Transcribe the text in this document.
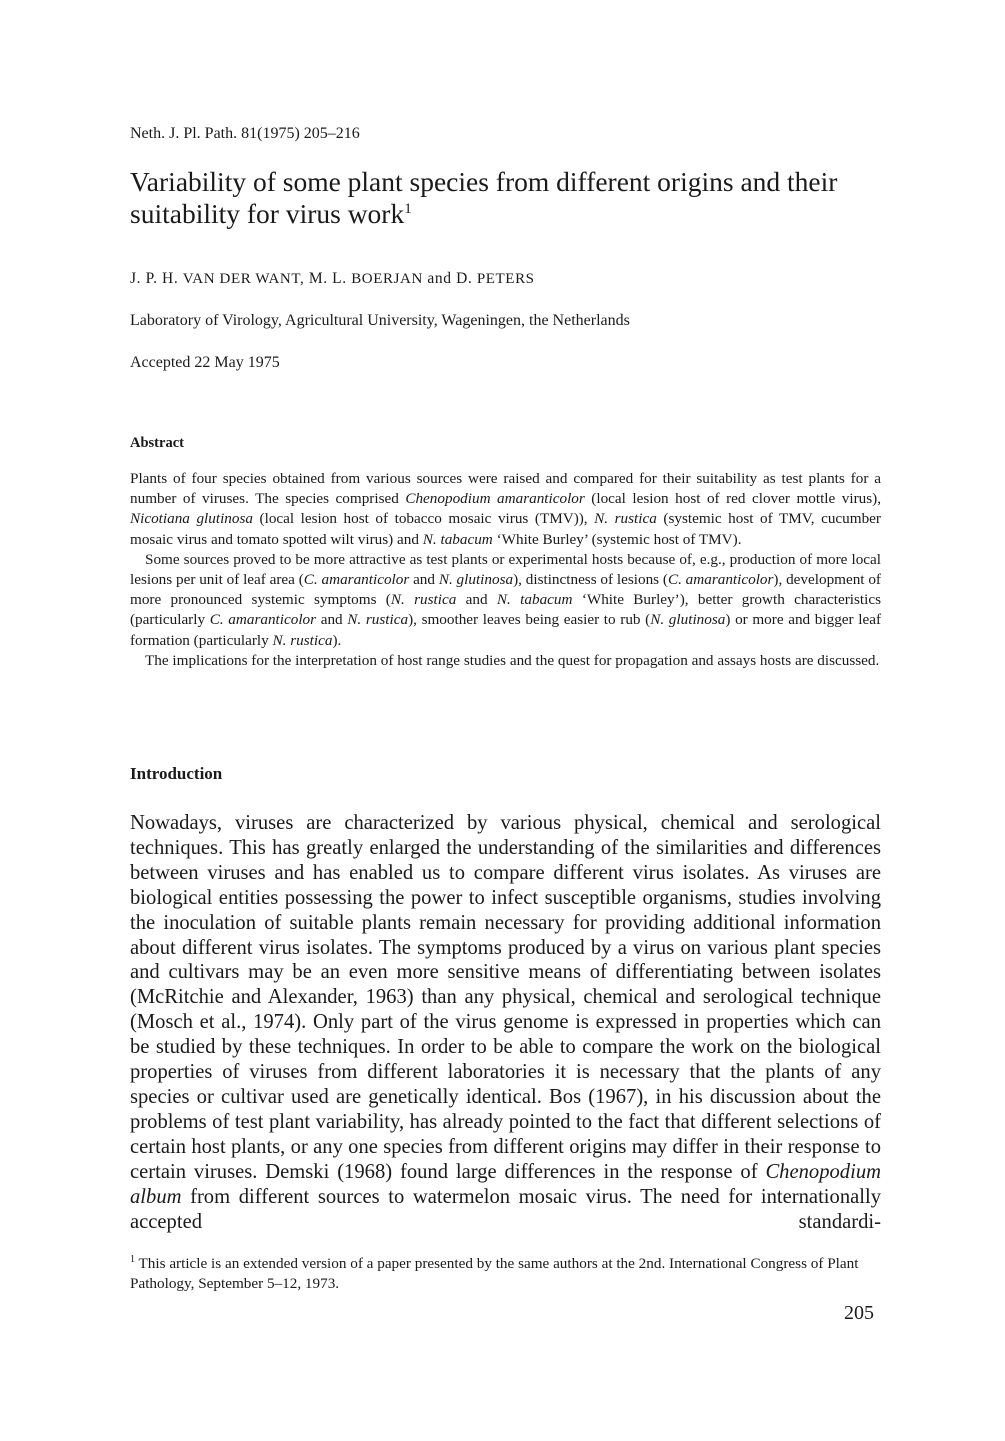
Neth. J. Pl. Path. 81(1975) 205–216
Variability of some plant species from different origins and their suitability for virus work$^1$
J. P. H. VAN DER WANT, M. L. BOERJAN and D. PETERS
Laboratory of Virology, Agricultural University, Wageningen, the Netherlands
Accepted 22 May 1975
Abstract

Plants of four species obtained from various sources were raised and compared for their suitability as test plants for a number of viruses. The species comprised Chenopodium amaranticolor (local lesion host of red clover mottle virus), Nicotiana glutinosa (local lesion host of tobacco mosaic virus (TMV)), N. rustica (systemic host of TMV, cucumber mosaic virus and tomato spotted wilt virus) and N. tabacum ‘White Burley’ (systemic host of TMV).

Some sources proved to be more attractive as test plants or experimental hosts because of, e.g., production of more local lesions per unit of leaf area (C. amaranticolor and N. glutinosa), distinctness of lesions (C. amaranticolor), development of more pronounced systemic symptoms (N. rustica and N. tabacum ‘White Burley’), better growth characteristics (particularly C. amaranticolor and N. rustica), smoother leaves being easier to rub (N. glutinosa) or more and bigger leaf formation (particularly N. rustica).

The implications for the interpretation of host range studies and the quest for propagation and assays hosts are discussed.

Introduction
Nowadays, viruses are characterized by various physical, chemical and serological techniques. This has greatly enlarged the understanding of the similarities and differences between viruses and has enabled us to compare different virus isolates. As viruses are biological entities possessing the power to infect susceptible organisms, studies involving the inoculation of suitable plants remain necessary for providing additional information about different virus isolates. The symptoms produced by a virus on various plant species and cultivars may be an even more sensitive means of differentiating between isolates (McRitchie and Alexander, 1963) than any physical, chemical and serological technique (Mosch et al., 1974). Only part of the virus genome is expressed in properties which can be studied by these techniques. In order to be able to compare the work on the biological properties of viruses from different laboratories it is necessary that the plants of any species or cultivar used are genetically identical. Bos (1967), in his discussion about the problems of test plant variability, has already pointed to the fact that different selections of certain host plants, or any one species from different origins may differ in their response to certain viruses. Demski (1968) found large differences in the response of Chenopodium album from different sources to watermelon mosaic virus. The need for internationally accepted standardi-
$^1$ This article is an extended version of a paper presented by the same authors at the 2nd. International Congress of Plant Pathology, September 5–12, 1973.
205
